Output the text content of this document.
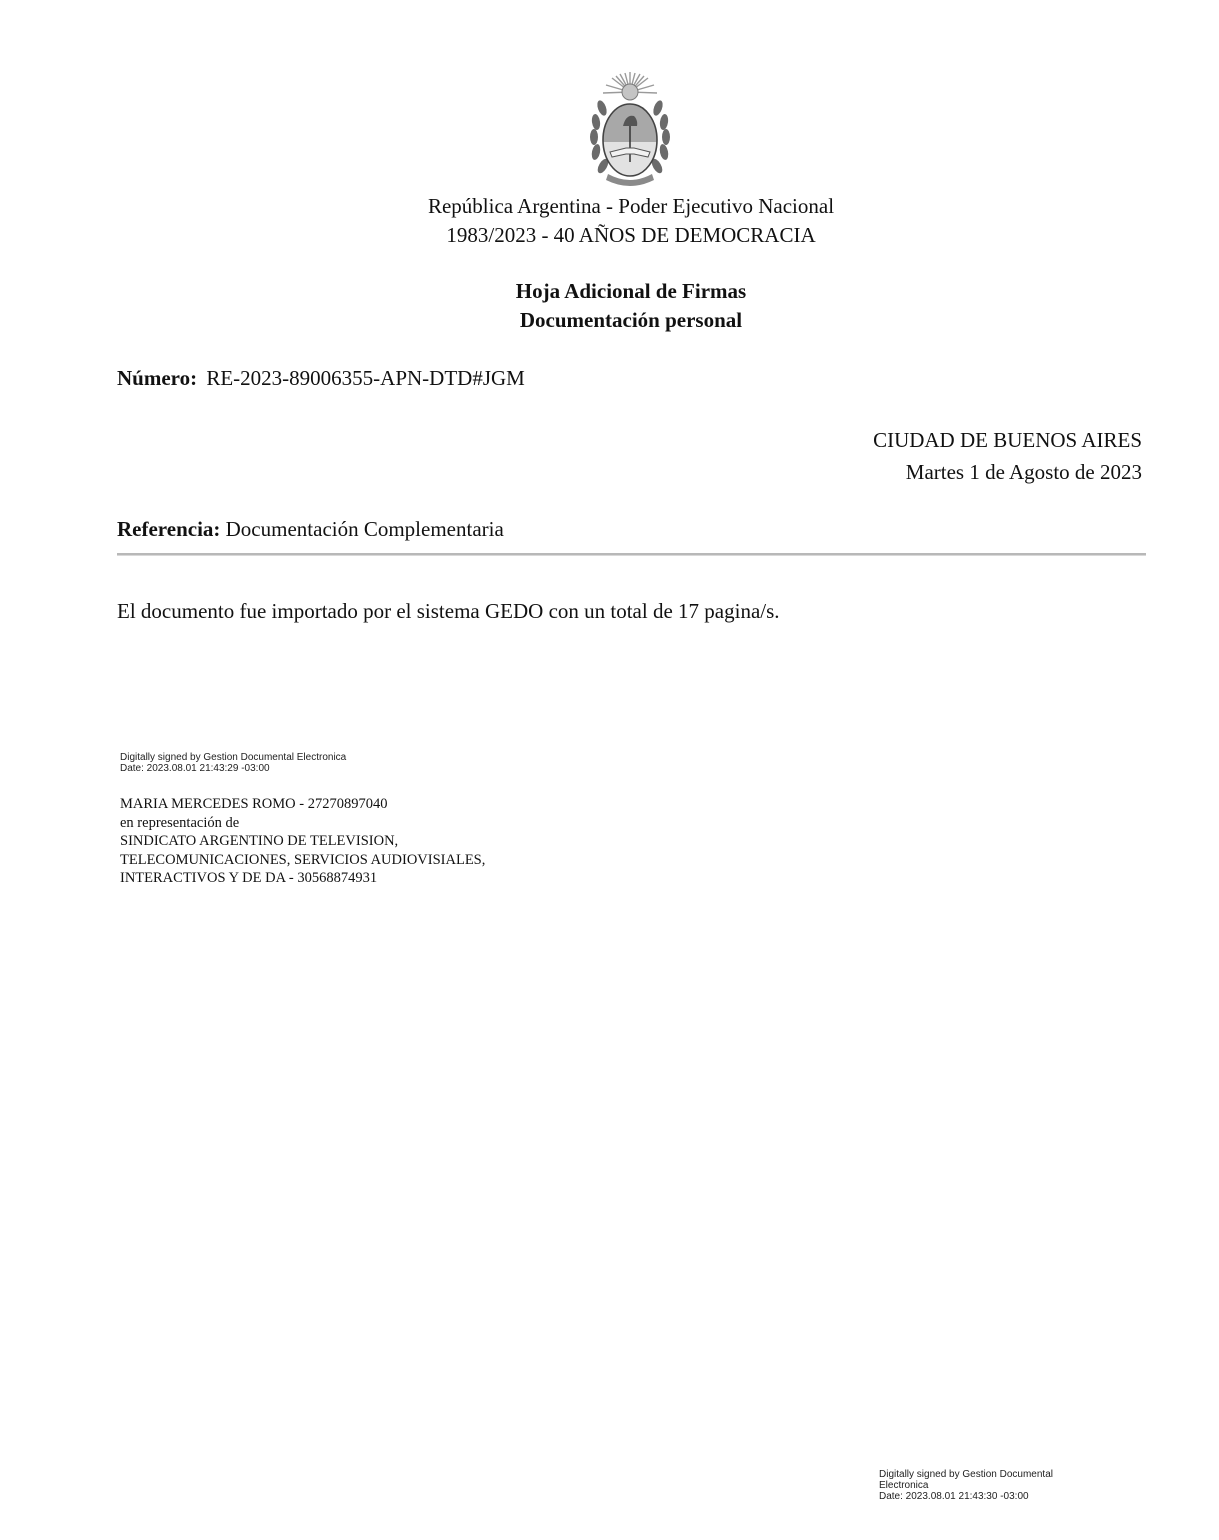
República Argentina - Poder Ejecutivo Nacional
1983/2023 - 40 AÑOS DE DEMOCRACIA
Hoja Adicional de Firmas
Documentación personal
Número: RE-2023-89006355-APN-DTD#JGM
CIUDAD DE BUENOS AIRES
Martes 1 de Agosto de 2023
Referencia: Documentación Complementaria
El documento fue importado por el sistema GEDO con un total de 17 pagina/s.
Digitally signed by Gestion Documental Electronica
Date: 2023.08.01 21:43:29 -03:00
MARIA MERCEDES ROMO - 27270897040
en representación de
SINDICATO ARGENTINO DE TELEVISION,
TELECOMUNICACIONES, SERVICIOS AUDIOVISIALES,
INTERACTIVOS Y DE DA - 30568874931
Digitally signed by Gestion Documental
Electronica
Date: 2023.08.01 21:43:30 -03:00
